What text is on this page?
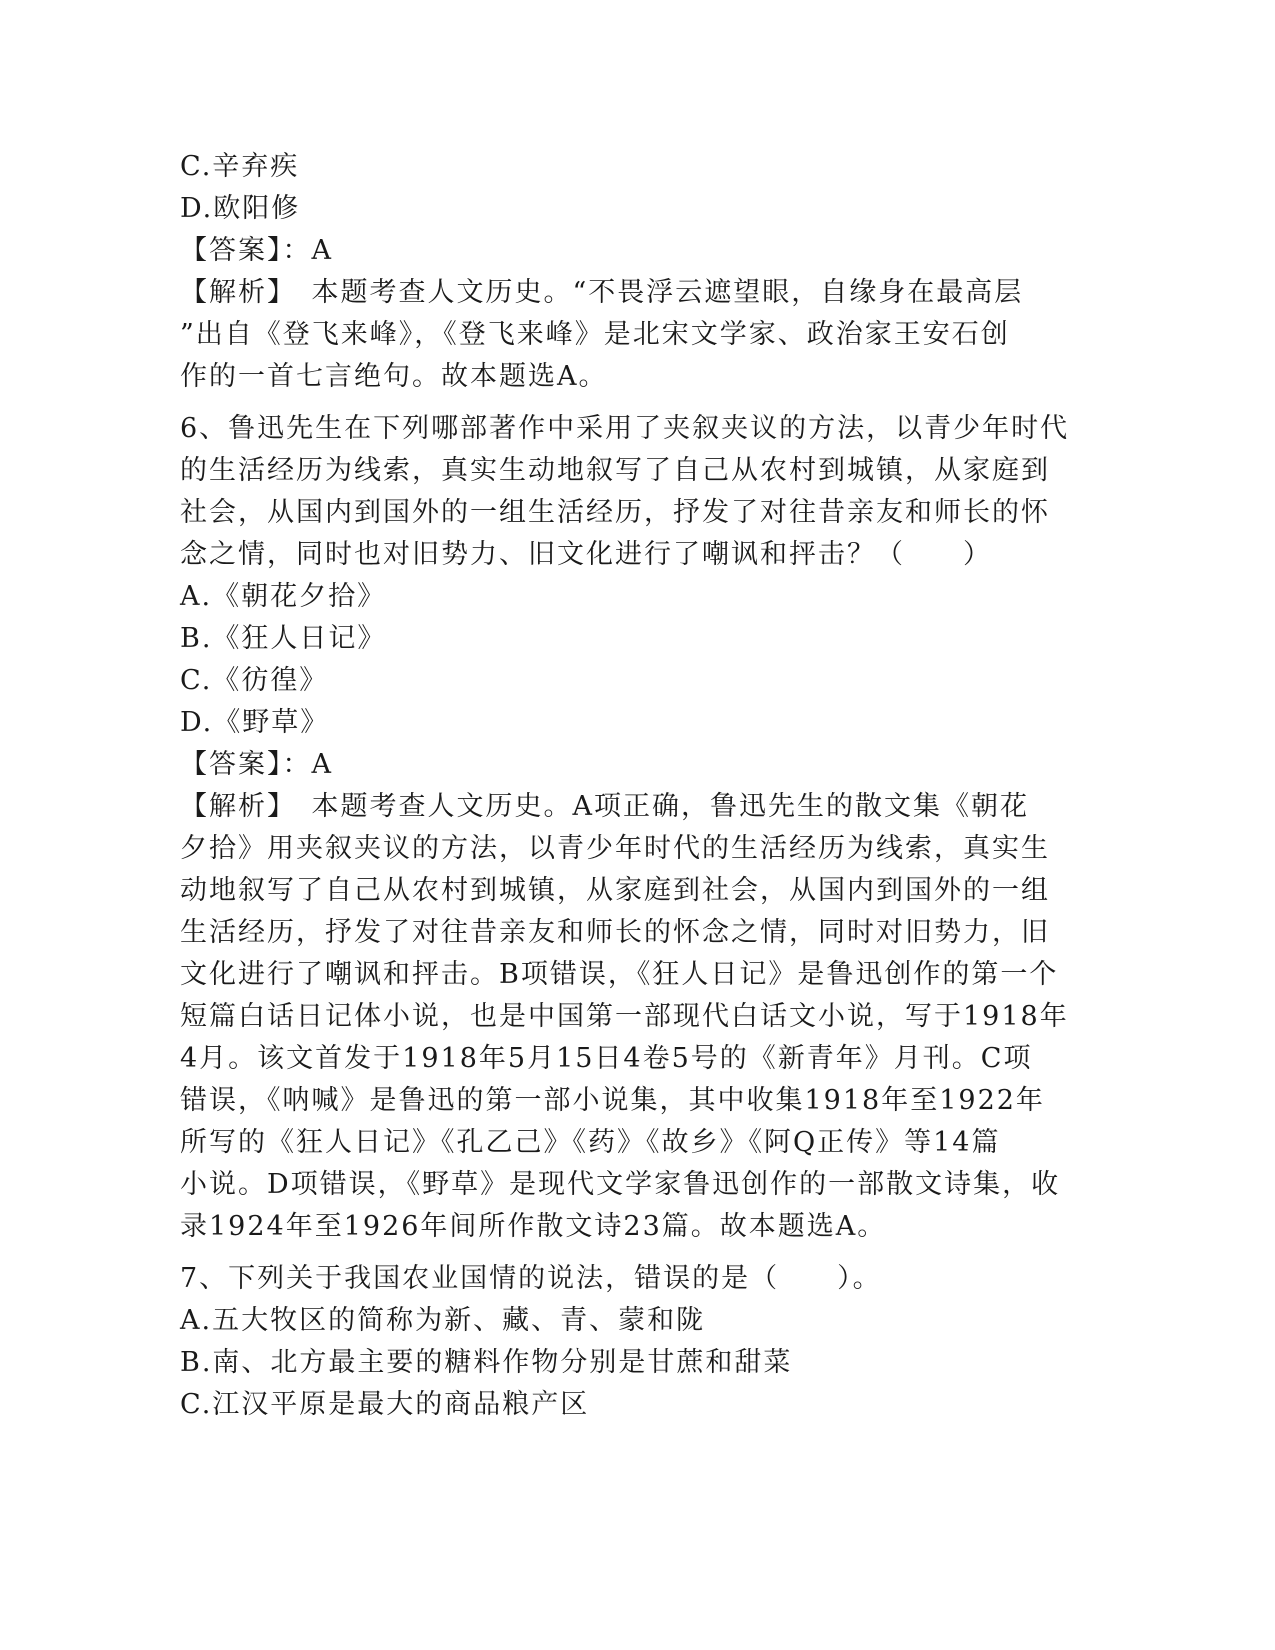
C.辛弃疾
D.欧阳修
【答案】：A
【解析】　本题考查人文历史。“不畏浮云遮望眼，自缘身在最高层
”出自《登飞来峰》，《登飞来峰》是北宋文学家、政治家王安石创
作的一首七言绝句。故本题选A。
6、鲁迅先生在下列哪部著作中采用了夹叙夹议的方法，以青少年时代
的生活经历为线索，真实生动地叙写了自己从农村到城镇，从家庭到
社会，从国内到国外的一组生活经历，抒发了对往昔亲友和师长的怀
念之情，同时也对旧势力、旧文化进行了嘲讽和抨击？（　　）
A.《朝花夕拾》
B.《狂人日记》
C.《彷徨》
D.《野草》
【答案】：A
【解析】　本题考查人文历史。A项正确，鲁迅先生的散文集《朝花
夕拾》用夹叙夹议的方法，以青少年时代的生活经历为线索，真实生
动地叙写了自己从农村到城镇，从家庭到社会，从国内到国外的一组
生活经历，抒发了对往昔亲友和师长的怀念之情，同时对旧势力，旧
文化进行了嘲讽和抨击。B项错误，《狂人日记》是鲁迅创作的第一个
短篇白话日记体小说，也是中国第一部现代白话文小说，写于1918年
4月。该文首发于1918年5月15日4卷5号的《新青年》月刊。C项
错误，《呐喊》是鲁迅的第一部小说集，其中收集1918年至1922年
所写的《狂人日记》《孔乙己》《药》《故乡》《阿Q正传》等14篇
小说。D项错误，《野草》是现代文学家鲁迅创作的一部散文诗集，收
录1924年至1926年间所作散文诗23篇。故本题选A。
7、下列关于我国农业国情的说法，错误的是（　　）。
A.五大牧区的简称为新、藏、青、蒙和陇
B.南、北方最主要的糖料作物分别是甘蔗和甜菜
C.江汉平原是最大的商品粮产区
